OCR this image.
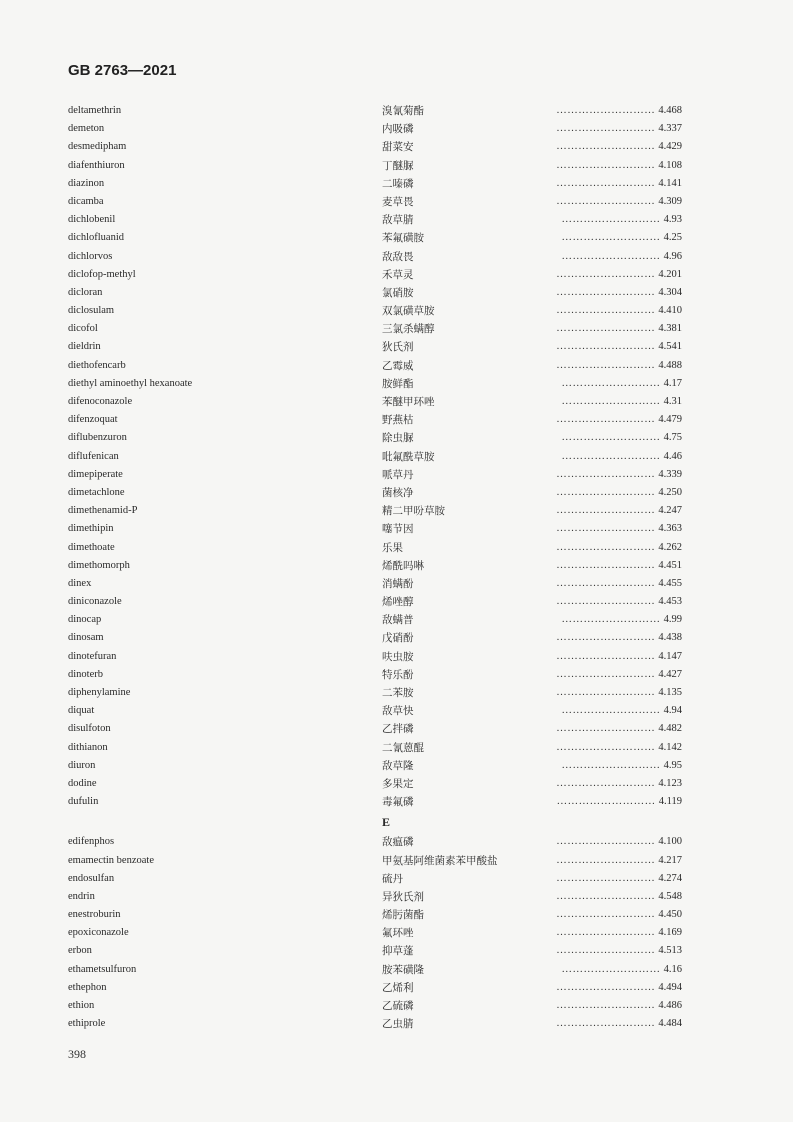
GB 2763—2021
deltamethrin	溴氰菊酯	……………………… 4.468
demeton	内吸磷	……………………… 4.337
desmedipham	甜菜安	……………………… 4.429
diafenthiuron	丁醚脲	……………………… 4.108
diazinon	二嗪磷	……………………… 4.141
dicamba	麦草畏	……………………… 4.309
dichlobenil	敌草腈	……………………… 4.93
dichlofluanid	苯氟磺胺	……………………… 4.25
dichlorvos	敌敌畏	……………………… 4.96
diclofop-methyl	禾草灵	……………………… 4.201
dicloran	氯硝胺	……………………… 4.304
diclosulam	双氯磺草胺	……………………… 4.410
dicofol	三氯杀螨醇	……………………… 4.381
dieldrin	狄氏剂	……………………… 4.541
diethofencarb	乙霉威	……………………… 4.488
diethyl aminoethyl hexanoate	胺鲜酯	……………………… 4.17
difenoconazole	苯醚甲环唑	……………………… 4.31
difenzoquat	野燕枯	……………………… 4.479
diflubenzuron	除虫脲	……………………… 4.75
diflufenican	吡氟酰草胺	……………………… 4.46
dimepiperate	哌草丹	……………………… 4.339
dimetachlone	菌核净	……………………… 4.250
dimethenamid-P	精二甲吩草胺	……………………… 4.247
dimethipin	噻节因	……………………… 4.363
dimethoate	乐果	……………………… 4.262
dimethomorph	烯酰吗啉	……………………… 4.451
dinex	消螨酚	……………………… 4.455
diniconazole	烯唑醇	……………………… 4.453
dinocap	敌螨普	……………………… 4.99
dinosam	戊硝酚	……………………… 4.438
dinotefuran	呋虫胺	……………………… 4.147
dinoterb	特乐酚	……………………… 4.427
diphenylamine	二苯胺	……………………… 4.135
diquat	敌草快	……………………… 4.94
disulfoton	乙拌磷	……………………… 4.482
dithianon	二氰蒽醌	……………………… 4.142
diuron	敌草隆	……………………… 4.95
dodine	多果定	……………………… 4.123
dufulin	毒氟磷	……………………… 4.119
E
edifenphos	敌瘟磷	……………………… 4.100
emamectin benzoate	甲氨基阿维菌素苯甲酸盐	……………………… 4.217
endosulfan	硫丹	……………………… 4.274
endrin	异狄氏剂	……………………… 4.548
enestroburin	烯肟菌酯	……………………… 4.450
epoxiconazole	氟环唑	……………………… 4.169
erbon	抑草蓬	……………………… 4.513
ethametsulfuron	胺苯磺隆	……………………… 4.16
ethephon	乙烯利	……………………… 4.494
ethion	乙硫磷	……………………… 4.486
ethiprole	乙虫腈	……………………… 4.484
398
